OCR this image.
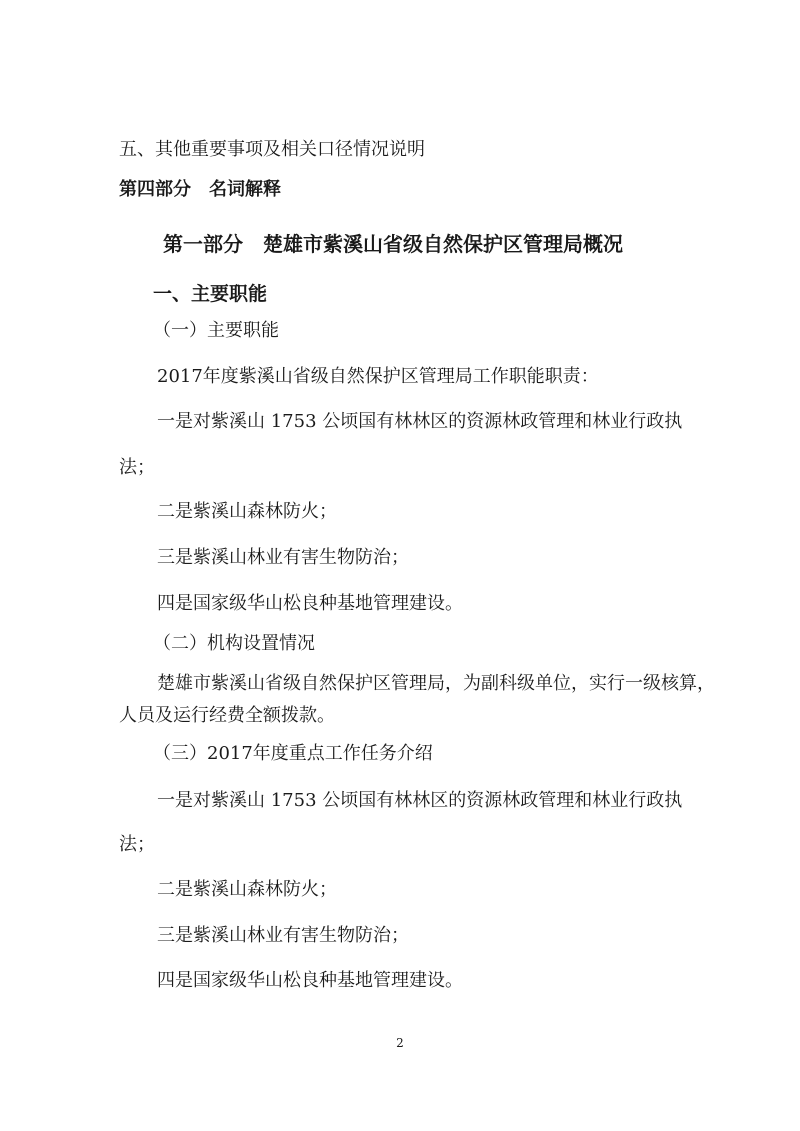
五、其他重要事项及相关口径情况说明
第四部分　名词解释
第一部分　楚雄市紫溪山省级自然保护区管理局概况
一、主要职能
（一）主要职能
2017年度紫溪山省级自然保护区管理局工作职能职责：
一是对紫溪山 1753 公顷国有林林区的资源林政管理和林业行政执
法；
二是紫溪山森林防火；
三是紫溪山林业有害生物防治；
四是国家级华山松良种基地管理建设。
（二）机构设置情况
楚雄市紫溪山省级自然保护区管理局，为副科级单位，实行一级核算，
人员及运行经费全额拨款。
（三）2017年度重点工作任务介绍
一是对紫溪山 1753 公顷国有林林区的资源林政管理和林业行政执
法；
二是紫溪山森林防火；
三是紫溪山林业有害生物防治；
四是国家级华山松良种基地管理建设。
2
